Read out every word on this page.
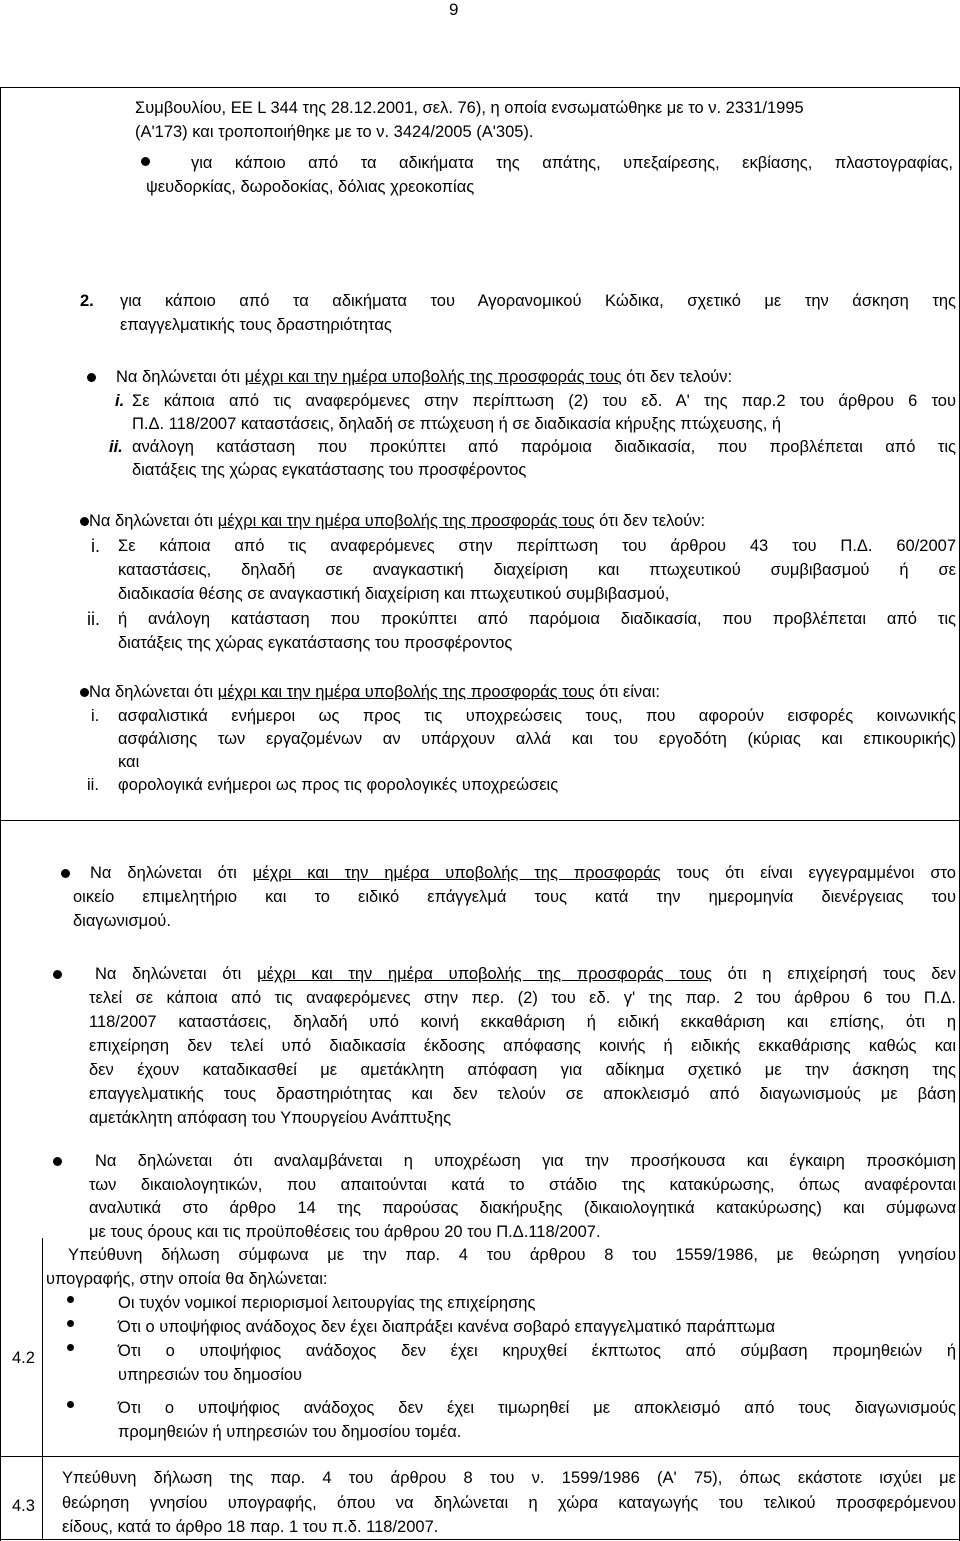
9
Συμβουλίου, ΕΕ L 344 της 28.12.2001, σελ. 76), η οποία ενσωματώθηκε με το ν. 2331/1995
(Α'173) και τροποποιήθηκε με το ν. 3424/2005 (Α'305).
για κάποιο από τα αδικήματα της απάτης, υπεξαίρεσης, εκβίασης, πλαστογραφίας,
ψευδορκίας, δωροδοκίας, δόλιας χρεοκοπίας
2. για κάποιο από τα αδικήματα του Αγορανομικού Κώδικα, σχετικό με την άσκηση της
επαγγελματικής τους δραστηριότητας
Να δηλώνεται ότι μέχρι και την ημέρα υποβολής της προσφοράς τους ότι δεν τελούν:
i. Σε κάποια από τις αναφερόμενες στην περίπτωση (2) του εδ. Α' της παρ.2 του άρθρου 6 του
Π.Δ. 118/2007 καταστάσεις, δηλαδή σε πτώχευση ή σε διαδικασία κήρυξης πτώχευσης, ή
ii. ανάλογη κατάσταση που προκύπτει από παρόμοια διαδικασία, που προβλέπεται από τις
διατάξεις της χώρας εγκατάστασης του προσφέροντος
Να δηλώνεται ότι μέχρι και την ημέρα υποβολής της προσφοράς τους ότι δεν τελούν:
i. Σε κάποια από τις αναφερόμενες στην περίπτωση του άρθρου 43 του Π.Δ. 60/2007
καταστάσεις, δηλαδή σε αναγκαστική διαχείριση και πτωχευτικού συμβιβασμού ή σε
διαδικασία θέσης σε αναγκαστική διαχείριση και πτωχευτικού συμβιβασμού,
ii. ή ανάλογη κατάσταση που προκύπτει από παρόμοια διαδικασία, που προβλέπεται από τις
διατάξεις της χώρας εγκατάστασης του προσφέροντος
Να δηλώνεται ότι μέχρι και την ημέρα υποβολής της προσφοράς τους ότι είναι:
i. ασφαλιστικά ενήμεροι ως προς τις υποχρεώσεις τους, που αφορούν εισφορές κοινωνικής
ασφάλισης των εργαζομένων αν υπάρχουν αλλά και του εργοδότη (κύριας και επικουρικής)
και
ii. φορολογικά ενήμεροι ως προς τις φορολογικές υποχρεώσεις
Να δηλώνεται ότι μέχρι και την ημέρα υποβολής της προσφοράς τους ότι είναι εγγεγραμμένοι στο
οικείο επιμελητήριο και το ειδικό επάγγελμά τους κατά την ημερομηνία διενέργειας του
διαγωνισμού.
Να δηλώνεται ότι μέχρι και την ημέρα υποβολής της προσφοράς τους ότι η επιχείρησή τους δεν
τελεί σε κάποια από τις αναφερόμενες στην περ. (2) του εδ. γ' της παρ. 2 του άρθρου 6 του Π.Δ.
118/2007 καταστάσεις, δηλαδή υπό κοινή εκκαθάριση ή ειδική εκκαθάριση και επίσης, ότι η
επιχείρηση δεν τελεί υπό διαδικασία έκδοσης απόφασης κοινής ή ειδικής εκκαθάρισης καθώς και
δεν έχουν καταδικασθεί με αμετάκλητη απόφαση για αδίκημα σχετικό με την άσκηση της
επαγγελματικής τους δραστηριότητας και δεν τελούν σε αποκλεισμό από διαγωνισμούς με βάση
αμετάκλητη απόφαση του Υπουργείου Ανάπτυξης
Να δηλώνεται ότι αναλαμβάνεται η υποχρέωση για την προσήκουσα και έγκαιρη προσκόμιση
των δικαιολογητικών, που απαιτούνται κατά το στάδιο της κατακύρωσης, όπως αναφέρονται
αναλυτικά στο άρθρο 14 της παρούσας διακήρυξης (δικαιολογητικά κατακύρωσης) και σύμφωνα
με τους όρους και τις προϋποθέσεις του άρθρου 20 του Π.Δ.118/2007.
4.2
Υπεύθυνη δήλωση σύμφωνα με την παρ. 4 του άρθρου 8 του 1559/1986, με θεώρηση γνησίου
υπογραφής, στην οποία θα δηλώνεται:
Οι τυχόν νομικοί περιορισμοί λειτουργίας της επιχείρησης
Ότι ο υποψήφιος ανάδοχος δεν έχει διαπράξει κανένα σοβαρό επαγγελματικό παράπτωμα
Ότι ο υποψήφιος ανάδοχος δεν έχει κηρυχθεί έκπτωτος από σύμβαση προμηθειών ή
υπηρεσιών του δημοσίου
Ότι ο υποψήφιος ανάδοχος δεν έχει τιμωρηθεί με αποκλεισμό από τους διαγωνισμούς
προμηθειών ή υπηρεσιών του δημοσίου τομέα.
4.3
Υπεύθυνη δήλωση της παρ. 4 του άρθρου 8 του ν. 1599/1986 (Α' 75), όπως εκάστοτε ισχύει με
θεώρηση γνησίου υπογραφής, όπου να δηλώνεται η χώρα καταγωγής του τελικού προσφερόμενου
είδους, κατά το άρθρο 18 παρ. 1 του π.δ. 118/2007.
